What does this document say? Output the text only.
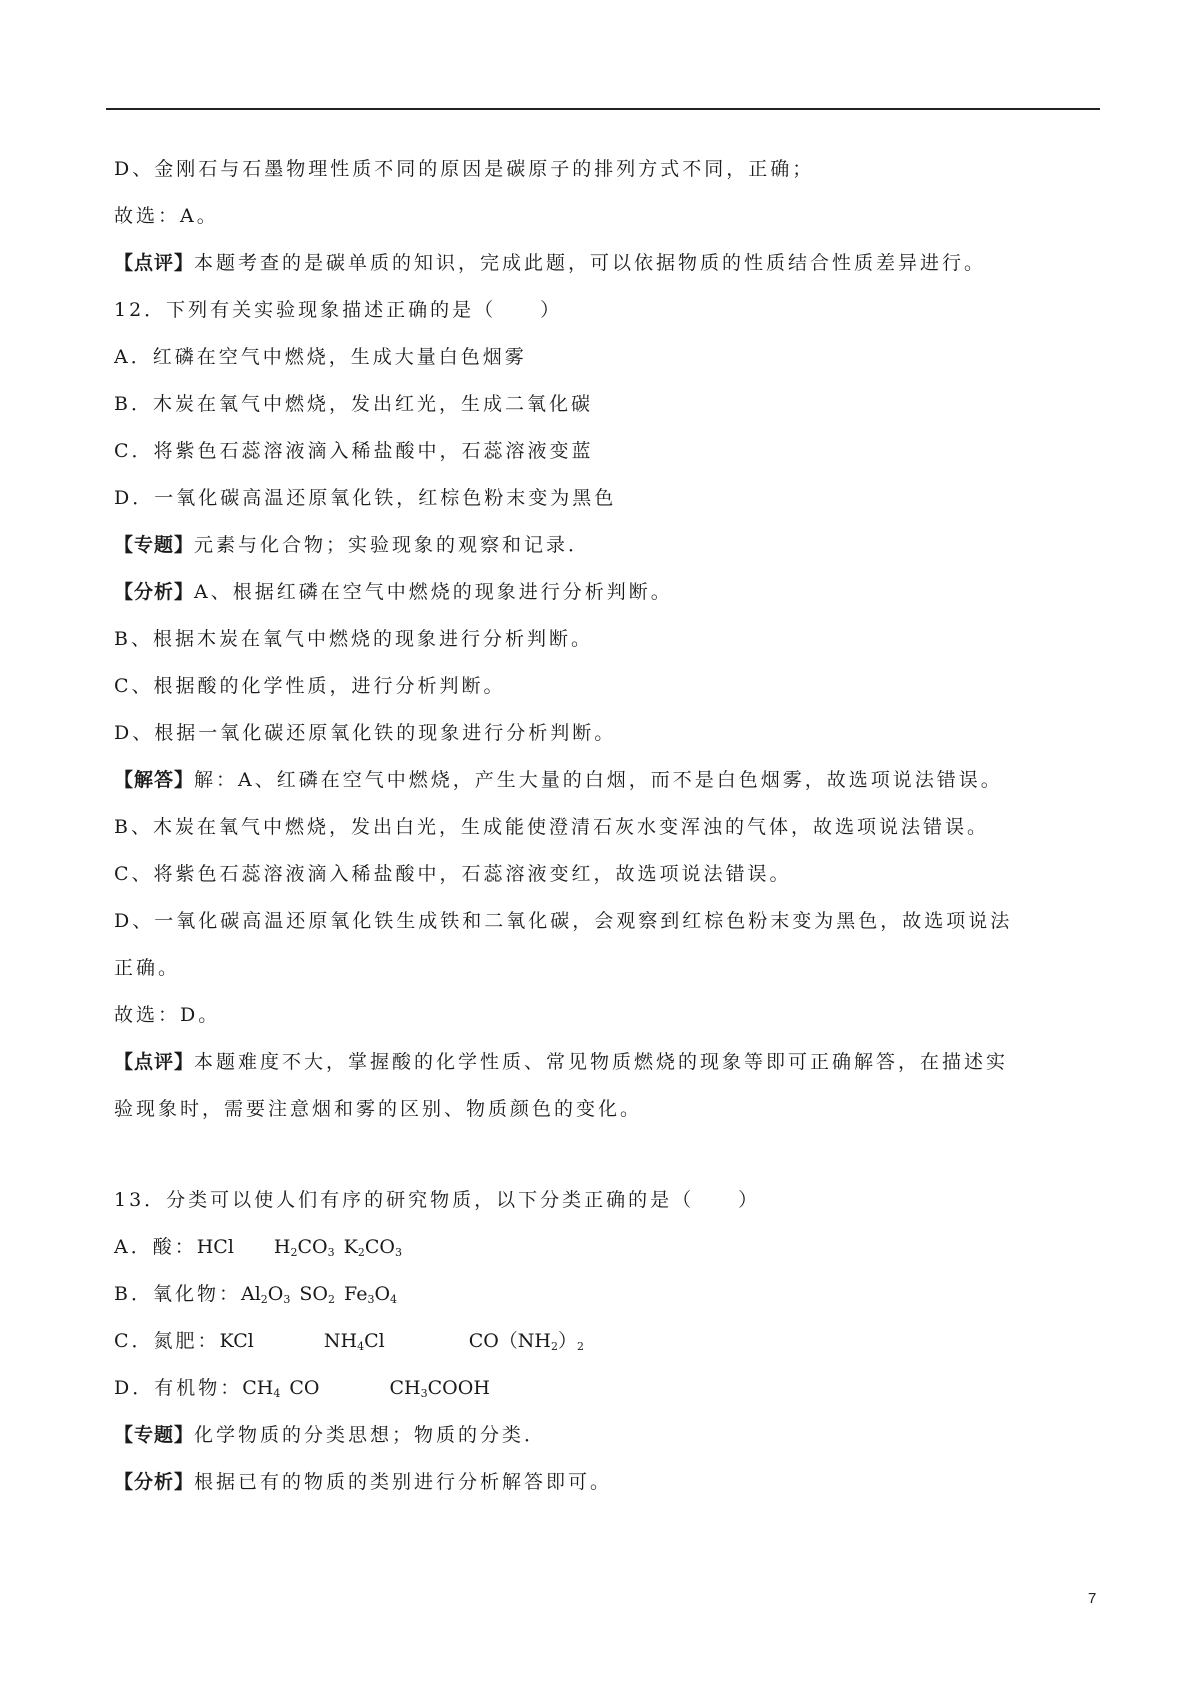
D、金刚石与石墨物理性质不同的原因是碳原子的排列方式不同，正确；
故选：A。
【点评】本题考查的是碳单质的知识，完成此题，可以依据物质的性质结合性质差异进行。
12．下列有关实验现象描述正确的是（　　）
A．红磷在空气中燃烧，生成大量白色烟雾
B．木炭在氧气中燃烧，发出红光，生成二氧化碳
C．将紫色石蕊溶液滴入稀盐酸中，石蕊溶液变蓝
D．一氧化碳高温还原氧化铁，红棕色粉末变为黑色
【专题】元素与化合物；实验现象的观察和记录．
【分析】A、根据红磷在空气中燃烧的现象进行分析判断。
B、根据木炭在氧气中燃烧的现象进行分析判断。
C、根据酸的化学性质，进行分析判断。
D、根据一氧化碳还原氧化铁的现象进行分析判断。
【解答】解：A、红磷在空气中燃烧，产生大量的白烟，而不是白色烟雾，故选项说法错误。
B、木炭在氧气中燃烧，发出白光，生成能使澄清石灰水变浑浊的气体，故选项说法错误。
C、将紫色石蕊溶液滴入稀盐酸中，石蕊溶液变红，故选项说法错误。
D、一氧化碳高温还原氧化铁生成铁和二氧化碳，会观察到红棕色粉末变为黑色，故选项说法
正确。
故选：D。
【点评】本题难度不大，掌握酸的化学性质、常见物质燃烧的现象等即可正确解答，在描述实
验现象时，需要注意烟和雾的区别、物质颜色的变化。
13．分类可以使人们有序的研究物质，以下分类正确的是（　　）
A．酸：HCl $H_2CO_3$ $K_2CO_3$
B．氧化物：$Al_2O_3$ $SO_2$ $Fe_3O_4$
C．氮肥：KCl	$NH_4Cl$	$CO(NH_2)_2$
D．有机物：$CH_4$ CO	$CH_3COOH$
【专题】化学物质的分类思想；物质的分类．
【分析】根据已有的物质的类别进行分析解答即可。
7
